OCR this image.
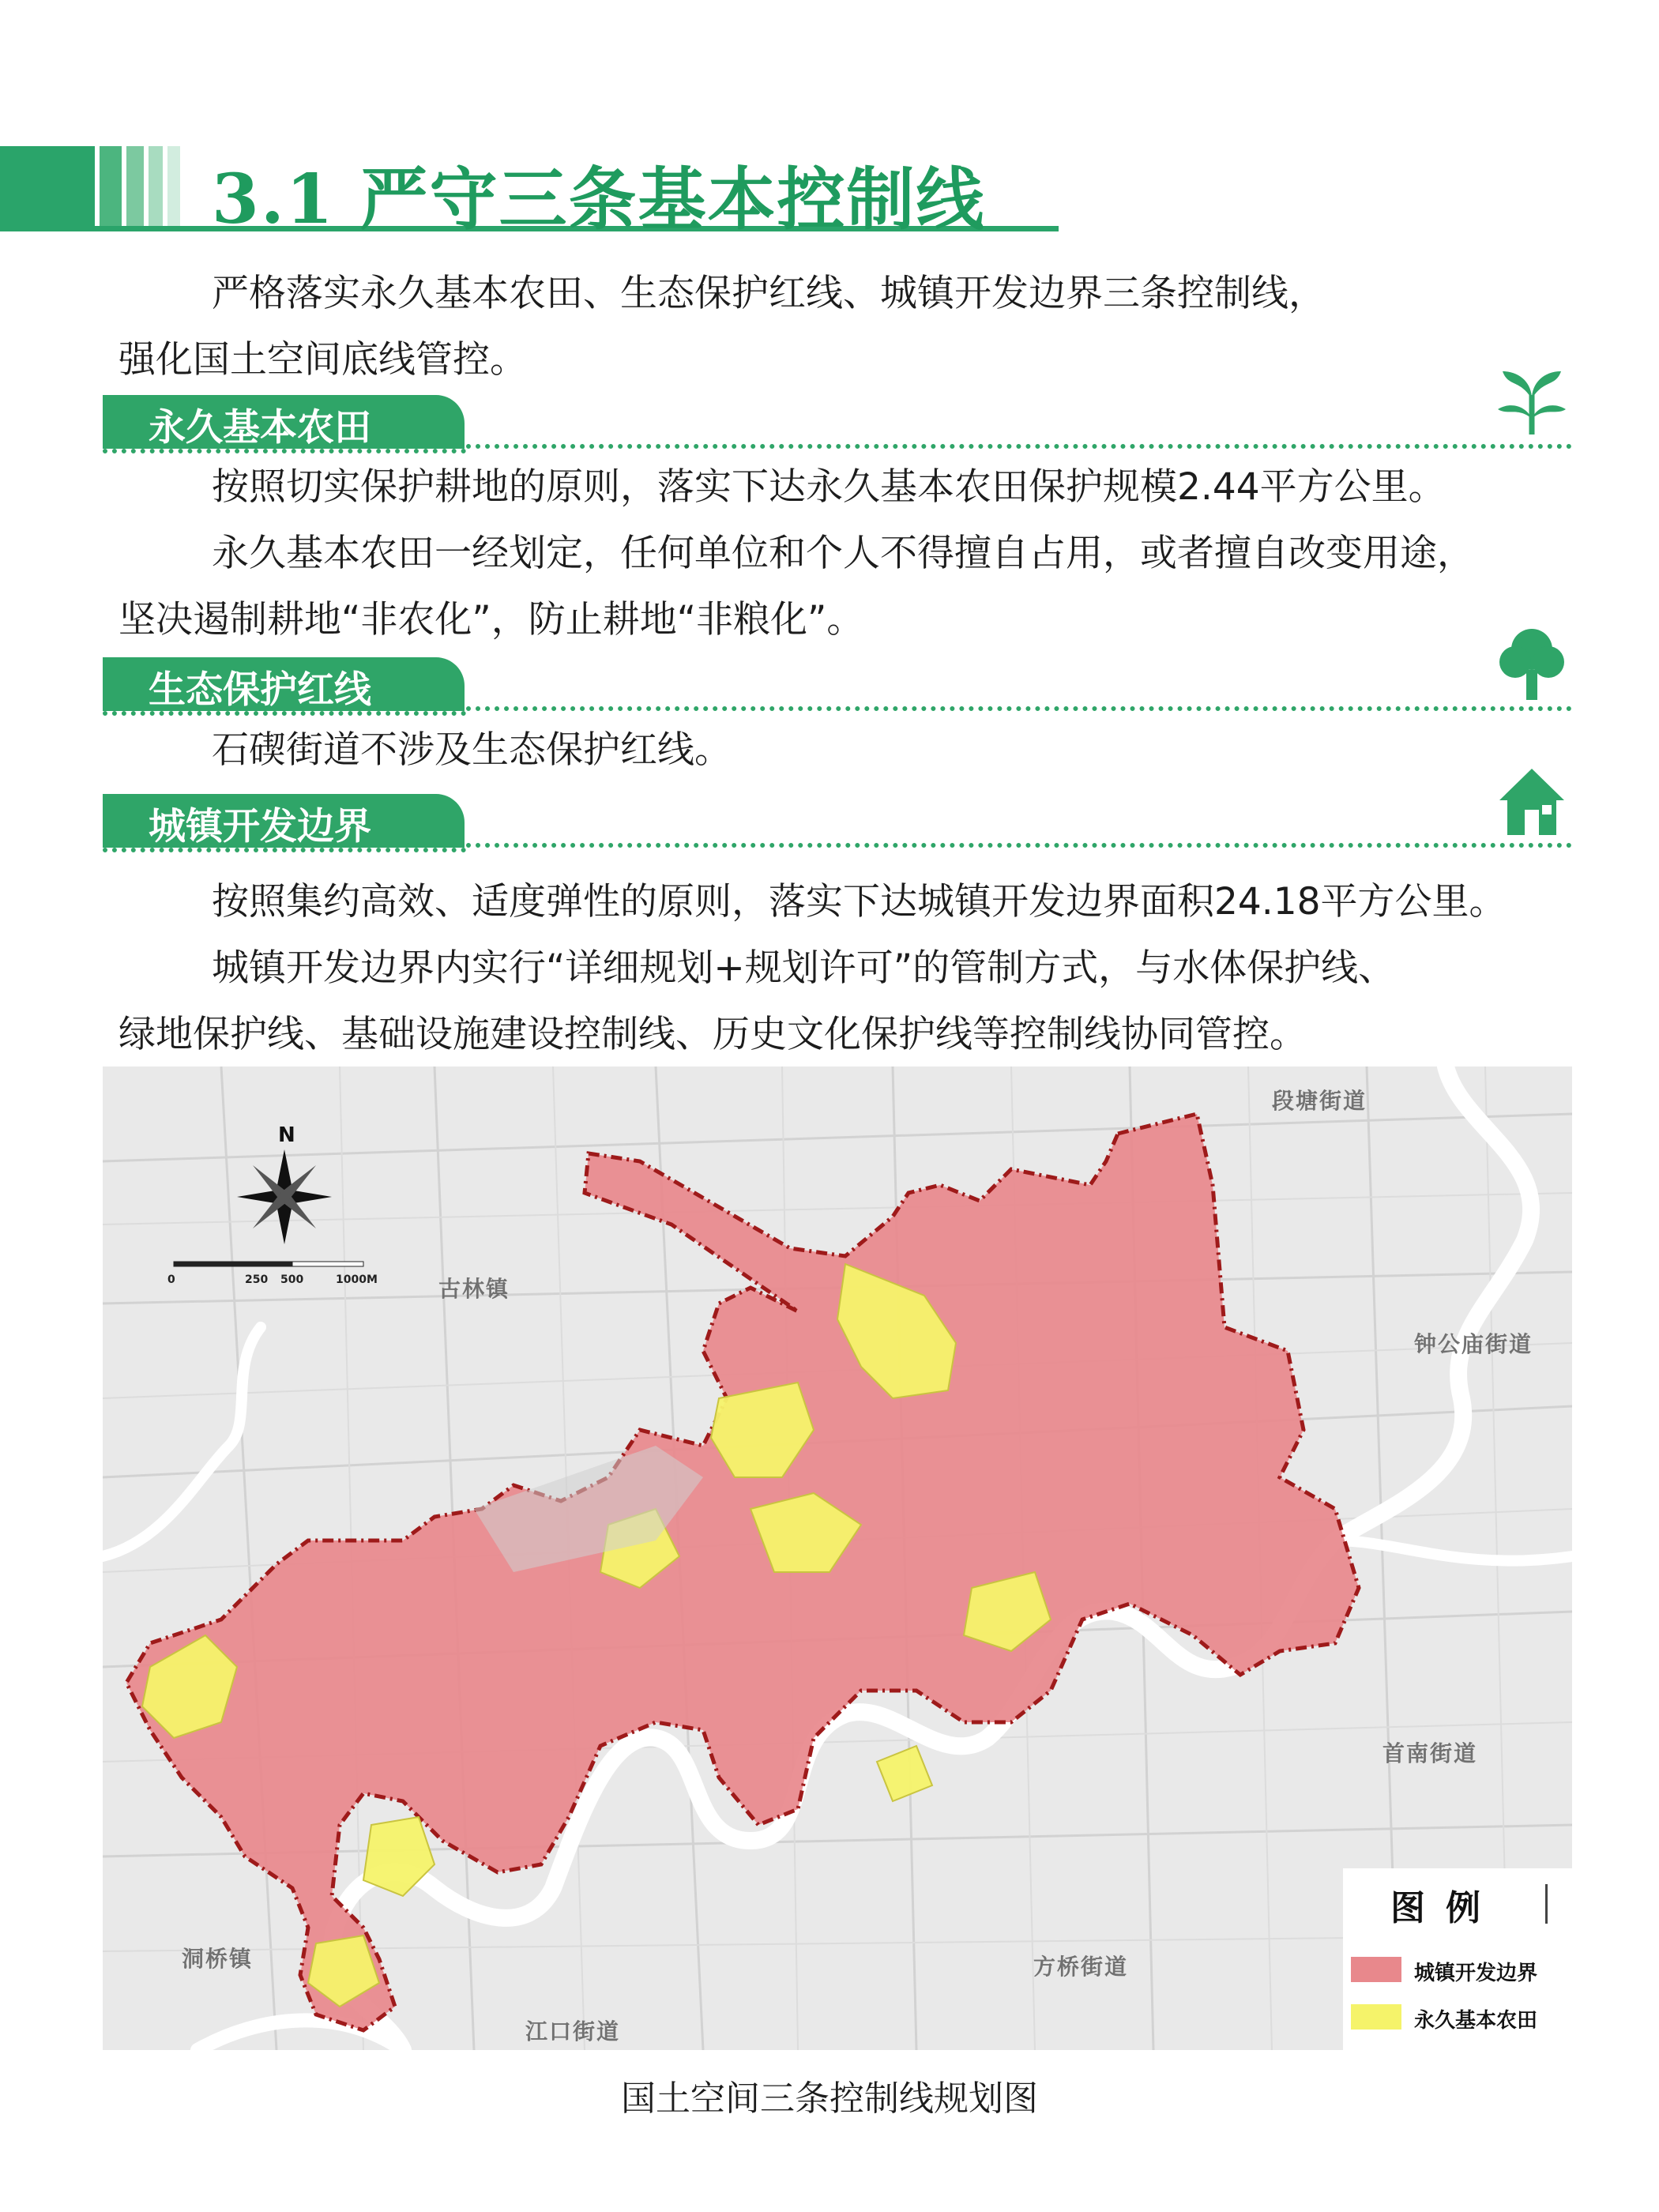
3.1 严守三条基本控制线
严格落实永久基本农田、生态保护红线、城镇开发边界三条控制线，
强化国土空间底线管控。
永久基本农田
按照切实保护耕地的原则，落实下达永久基本农田保护规模2.44平方公里。
永久基本农田一经划定，任何单位和个人不得擅自占用，或者擅自改变用途，
坚决遏制耕地“非农化”，防止耕地“非粮化”。
生态保护红线
石碶街道不涉及生态保护红线。
城镇开发边界
按照集约高效、适度弹性的原则，落实下达城镇开发边界面积24.18平方公里。
城镇开发边界内实行“详细规划+规划许可”的管制方式，与水体保护线、
绿地保护线、基础设施建设控制线、历史文化保护线等控制线协同管控。
N
0	250 500	1000M
段塘街道
古林镇
钟公庙街道
首南街道
洞桥镇	方桥街道
江口街道
图例
城镇开发边界
永久基本农田
国土空间三条控制线规划图
